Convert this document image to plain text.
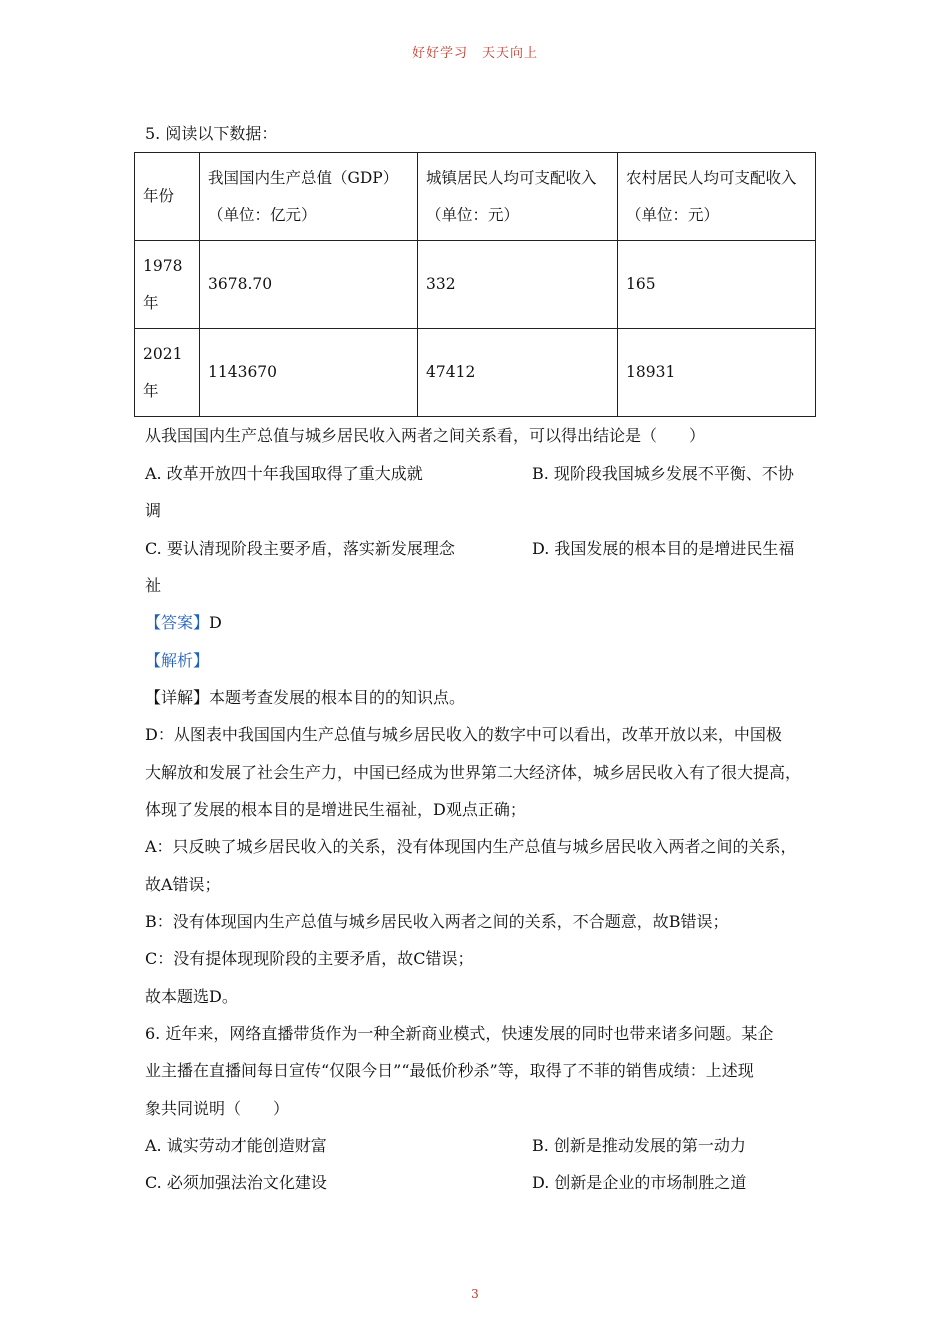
好好学习　天天向上
5. 阅读以下数据：
年份	我国国内生产总值（GDP）（单位：亿元）	城镇居民人均可支配收入（单位：元）	农村居民人均可支配收入（单位：元）
1978年	3678.70	332	165
2021年	1143670	47412	18931
从我国国内生产总值与城乡居民收入两者之间关系看，可以得出结论是（　　）
A. 改革开放四十年我国取得了重大成就	B. 现阶段我国城乡发展不平衡、不协
调
C. 要认清现阶段主要矛盾，落实新发展理念	D. 我国发展的根本目的是增进民生福
祉
【答案】D
【解析】
【详解】本题考查发展的根本目的的知识点。
D：从图表中我国国内生产总值与城乡居民收入的数字中可以看出，改革开放以来，中国极
大解放和发展了社会生产力，中国已经成为世界第二大经济体，城乡居民收入有了很大提高，
体现了发展的根本目的是增进民生福祉，D观点正确；
A：只反映了城乡居民收入的关系，没有体现国内生产总值与城乡居民收入两者之间的关系，
故A错误；
B：没有体现国内生产总值与城乡居民收入两者之间的关系，不合题意，故B错误；
C：没有提体现现阶段的主要矛盾，故C错误；
故本题选D。
6. 近年来，网络直播带货作为一种全新商业模式，快速发展的同时也带来诸多问题。某企
业主播在直播间每日宣传“仅限今日”“最低价秒杀”等，取得了不菲的销售成绩：上述现
象共同说明（　　）
A. 诚实劳动才能创造财富	B. 创新是推动发展的第一动力
C. 必须加强法治文化建设	D. 创新是企业的市场制胜之道
3
